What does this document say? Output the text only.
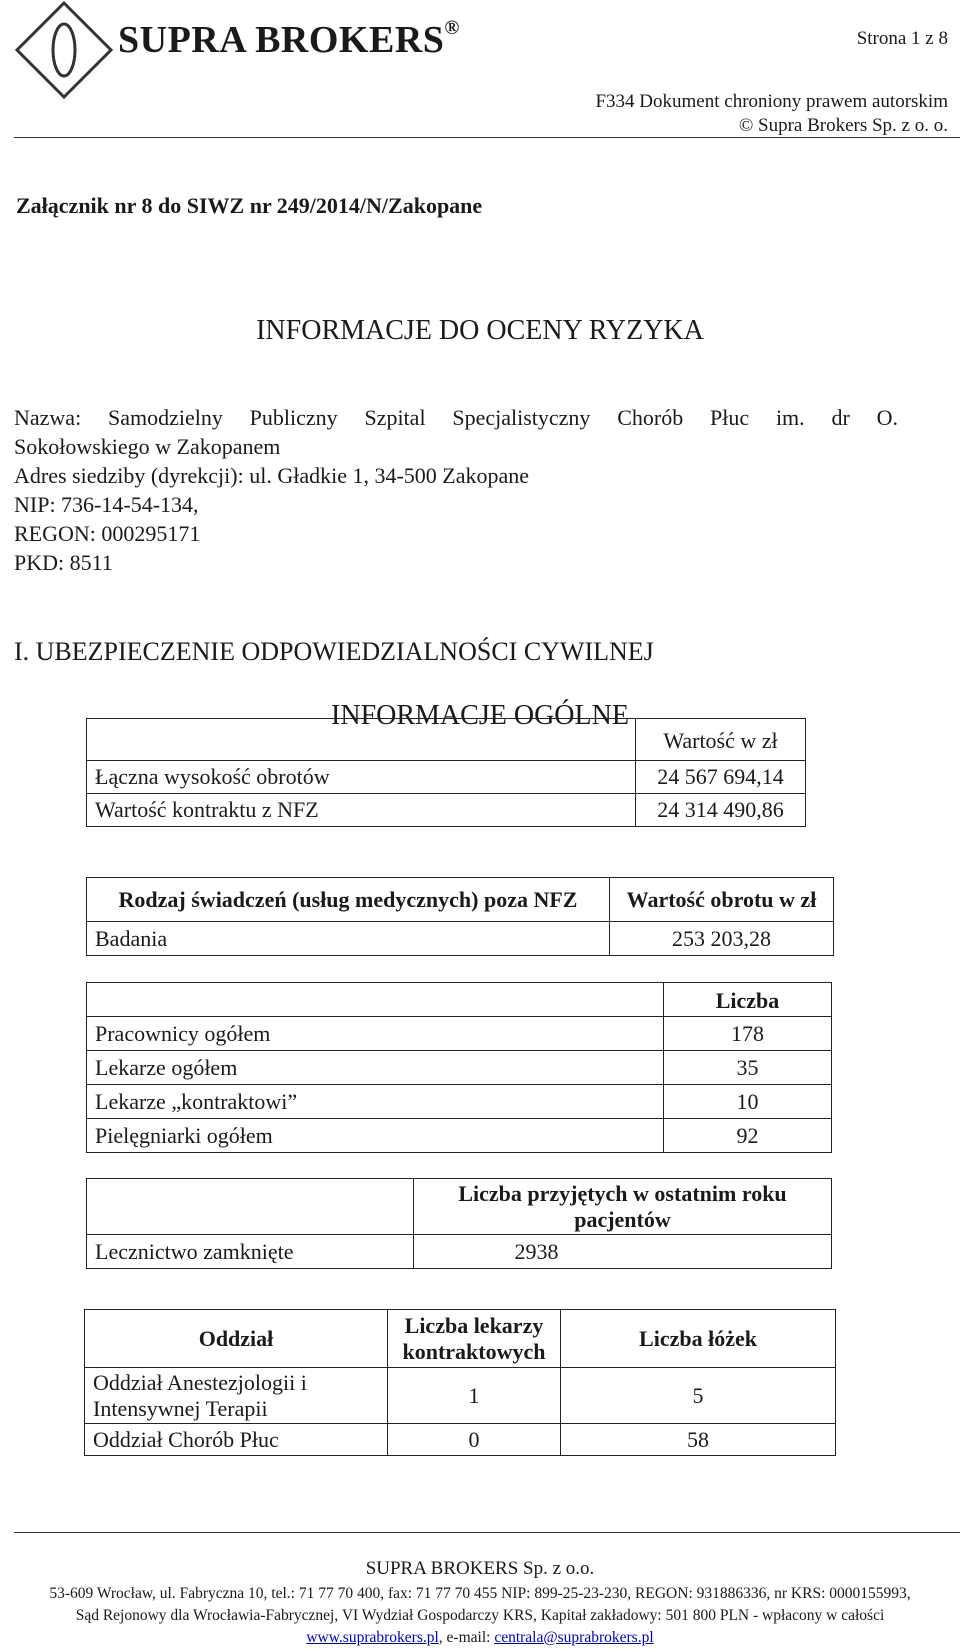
SUPRA BROKERS®	Strona 1 z 8
F334 Dokument chroniony prawem autorskim
© Supra Brokers Sp. z o. o.
Załącznik nr 8 do SIWZ nr 249/2014/N/Zakopane
INFORMACJE DO OCENY RYZYKA
Nazwa: Samodzielny Publiczny Szpital Specjalistyczny Chorób Płuc im. dr O.
Sokołowskiego w Zakopanem
Adres siedziby (dyrekcji): ul. Gładkie 1, 34-500 Zakopane
NIP: 736-14-54-134,
REGON: 000295171
PKD: 8511
I. UBEZPIECZENIE ODPOWIEDZIALNOŚCI CYWILNEJ
INFORMACJE OGÓLNE
	Wartość w zł
Łączna wysokość obrotów	24 567 694,14
Wartość kontraktu z NFZ	24 314 490,86
Rodzaj świadczeń (usług medycznych) poza NFZ	Wartość obrotu w zł
Badania	253 203,28
	Liczba
Pracownicy ogółem	178
Lekarze ogółem	35
Lekarze „kontraktowi”	10
Pielęgniarki ogółem	92
	Liczba przyjętych w ostatnim roku pacjentów
Lecznictwo zamknięte	2938
Oddział	Liczba lekarzy kontraktowych	Liczba łóżek
Oddział Anestezjologii i Intensywnej Terapii	1	5
Oddział Chorób Płuc	0	58
SUPRA BROKERS Sp. z o.o.
53-609 Wrocław, ul. Fabryczna 10, tel.: 71 77 70 400, fax: 71 77 70 455 NIP: 899-25-23-230, REGON: 931886336, nr KRS: 0000155993,
Sąd Rejonowy dla Wrocławia-Fabrycznej, VI Wydział Gospodarczy KRS, Kapitał zakładowy: 501 800 PLN - wpłacony w całości
www.suprabrokers.pl, e-mail: centrala@suprabrokers.pl
